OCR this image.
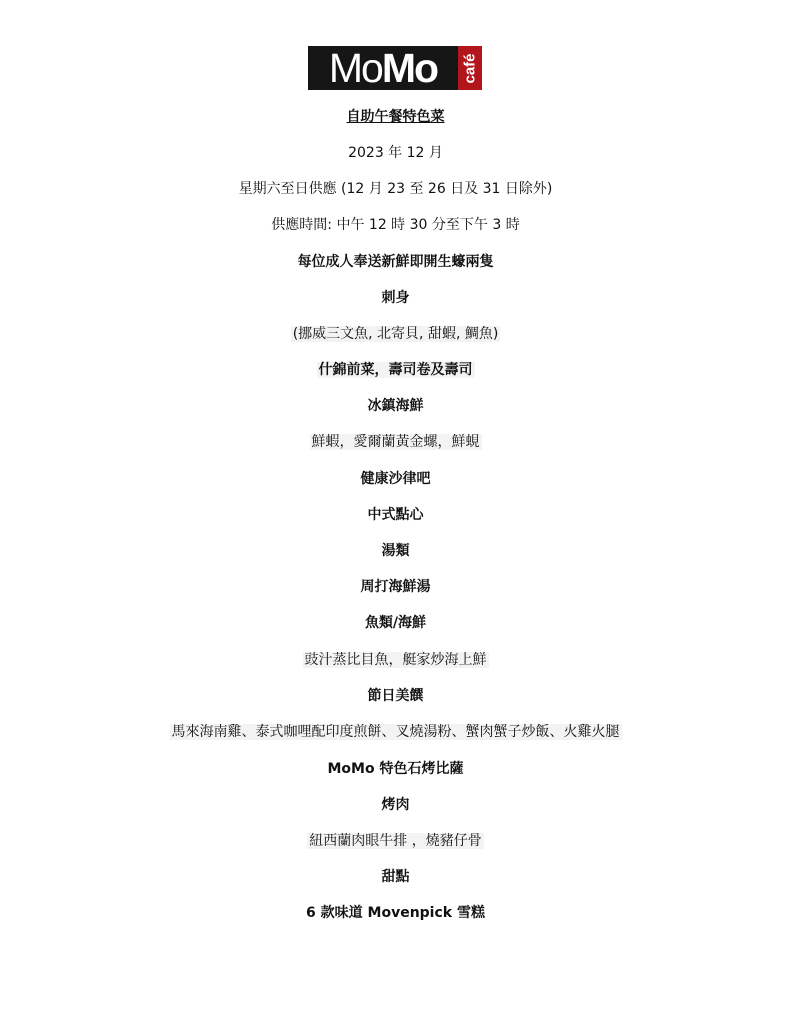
Mo Mo café
自助午餐特色菜
2023 年 12 月
星期六至日供應 (12 月 23 至 26 日及 31 日除外)
供應時間: 中午 12 時 30 分至下午 3 時
每位成人奉送新鮮即開生蠔兩隻
刺身
(挪威三文魚, 北寄貝, 甜蝦, 鯛魚)
什錦前菜，壽司卷及壽司
冰鎮海鮮
鮮蝦，愛爾蘭黃金螺，鮮蜆
健康沙律吧
中式點心
湯類
周打海鮮湯
魚類/海鮮
豉汁蒸比目魚，艇家炒海上鮮
節日美饌
馬來海南雞、泰式咖哩配印度煎餅、叉燒湯粉、蟹肉蟹子炒飯、火雞火腿
MoMo 特色石烤比薩
烤肉
紐西蘭肉眼牛排 ，燒豬仔骨
甜點
6 款味道 Movenpick 雪糕
